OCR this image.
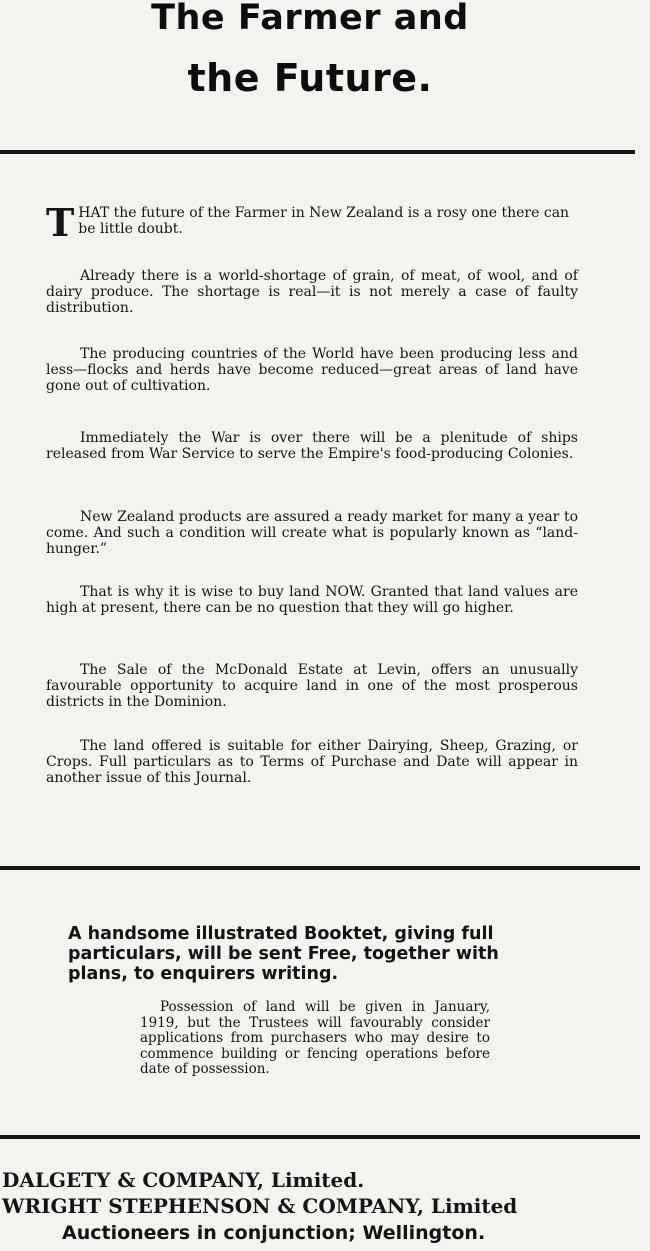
The Farmer and
the Future.
T HAT the future of the Farmer in New Zealand is a rosy one there can be little doubt.
Already there is a world-shortage of grain, of meat, of wool, and of dairy produce. The shortage is real—it is not merely a case of faulty distribution.
The producing countries of the World have been producing less and less—flocks and herds have become reduced—great areas of land have gone out of cultivation.
Immediately the War is over there will be a plenitude of ships released from War Service to serve the Empire's food-producing Colonies.
New Zealand products are assured a ready market for many a year to come. And such a condition will create what is popularly known as “land-hunger.”
That is why it is wise to buy land NOW. Granted that land values are high at present, there can be no question that they will go higher.
The Sale of the McDonald Estate at Levin, offers an unusually favourable opportunity to acquire land in one of the most prosperous districts in the Dominion.
The land offered is suitable for either Dairying, Sheep, Grazing, or Crops. Full particulars as to Terms of Purchase and Date will appear in another issue of this Journal.
A handsome illustrated Booktet, giving full particulars, will be sent Free, together with plans, to enquirers writing.
Possession of land will be given in January, 1919, but the Trustees will favourably consider applications from purchasers who may desire to commence building or fencing operations before date of possession.
DALGETY & COMPANY, Limited.
WRIGHT STEPHENSON & COMPANY, Limited
Auctioneers in conjunction; Wellington.
